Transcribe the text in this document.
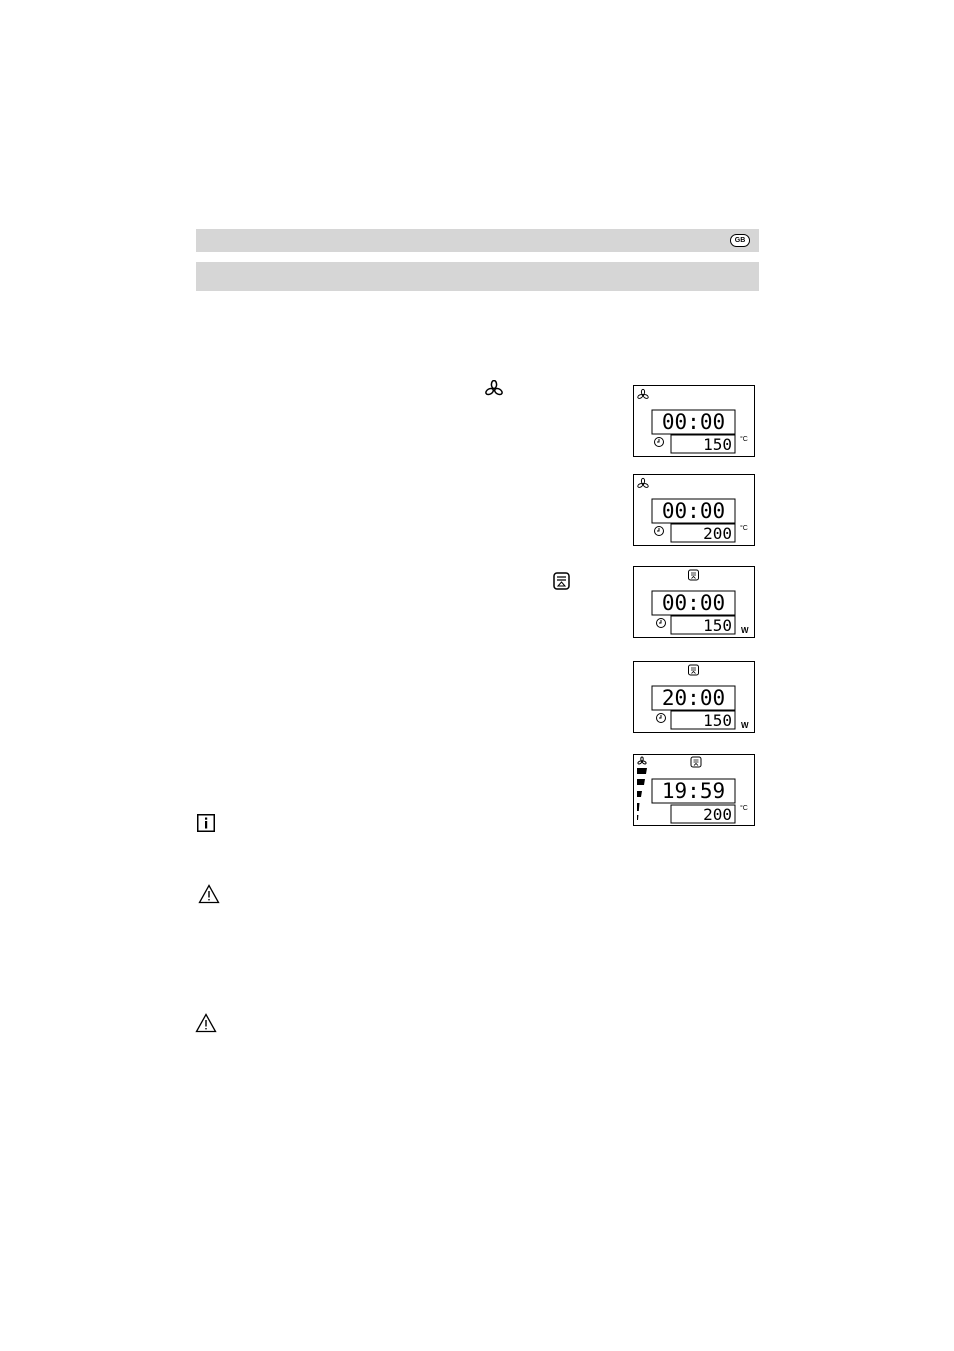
GB
00:00
150 °C
00:00
200 °C
00:00
150 W
20:00
150 W
19:59
200 °C
